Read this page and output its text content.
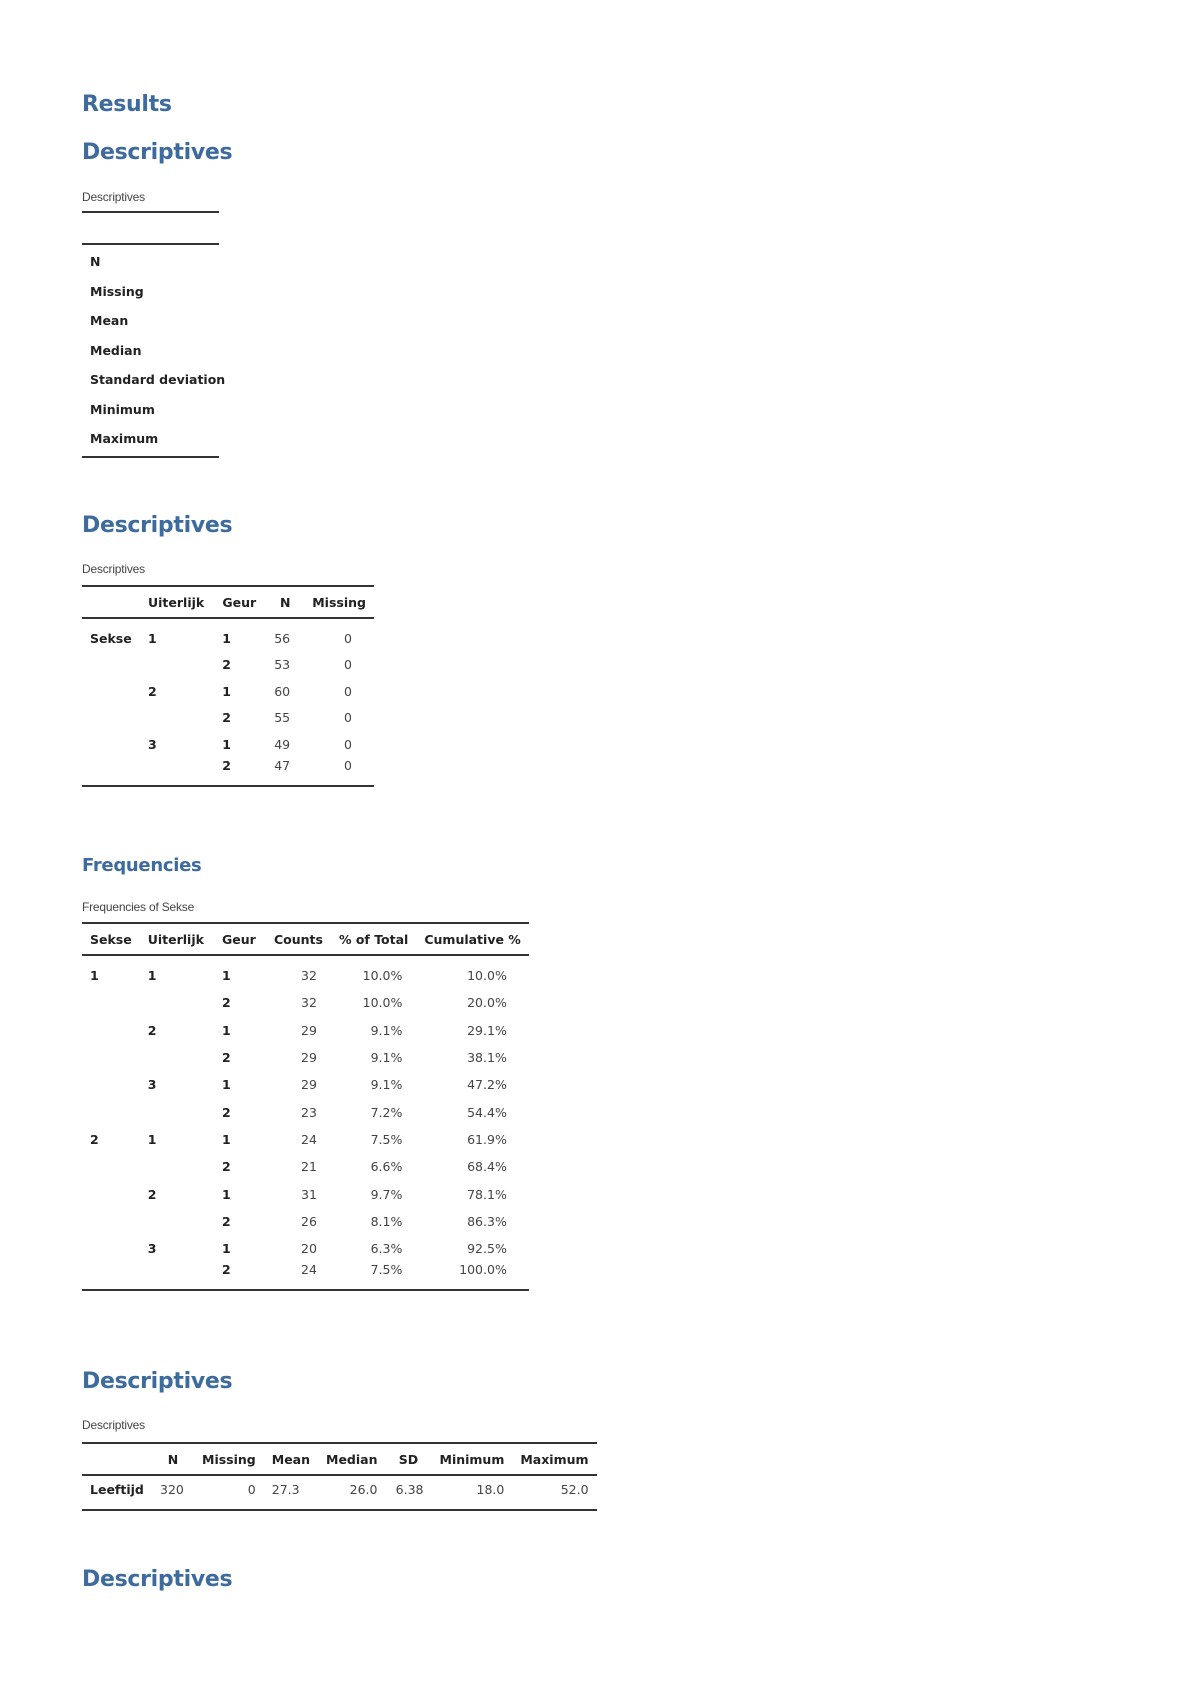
Results
Descriptives
Descriptives
N
Missing
Mean
Median
Standard deviation
Minimum
Maximum
Descriptives
Descriptives
	Uiterlijk	Geur	N	Missing

Sekse	1	1	56	0
		2	53	0
	2	1	60	0
		2	55	0
	3	1	49	0
		2	47	0
Frequencies
Frequencies of Sekse
Sekse	Uiterlijk	Geur	Counts	% of Total	Cumulative %

1	1	1	32	10.0%	10.0%
		2	32	10.0%	20.0%
	2	1	29	9.1%	29.1%
		2	29	9.1%	38.1%
	3	1	29	9.1%	47.2%
		2	23	7.2%	54.4%
2	1	1	24	7.5%	61.9%
		2	21	6.6%	68.4%
	2	1	31	9.7%	78.1%
		2	26	8.1%	86.3%
	3	1	20	6.3%	92.5%
		2	24	7.5%	100.0%
Descriptives
Descriptives
	N	Missing	Mean	Median	SD	Minimum	Maximum

Leeftijd	320	0	27.3	26.0	6.38	18.0	52.0
Descriptives
